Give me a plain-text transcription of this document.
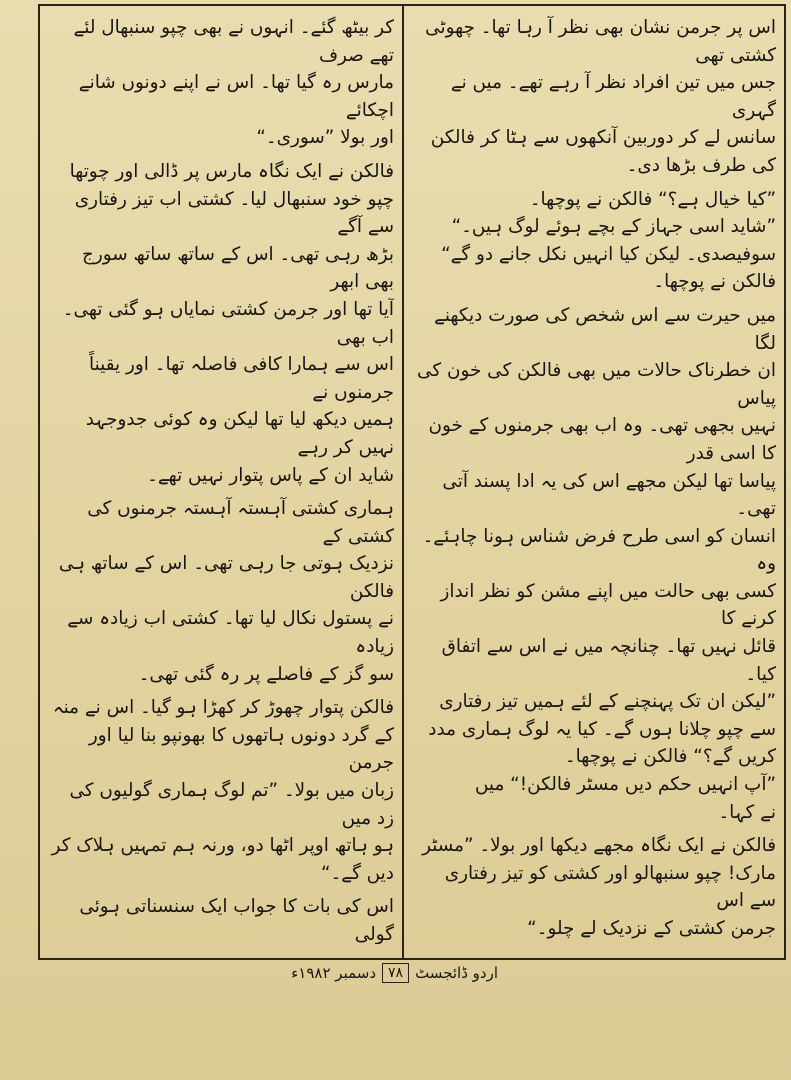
اس پر جرمن نشان بھی نظر آ رہا تھا۔ چھوٹی کشتی تھی
جس میں تین افراد نظر آ رہے تھے۔ میں نے گہری
سانس لے کر دوربین آنکھوں سے ہٹا کر فالکن
کی طرف بڑھا دی۔

”کیا خیال ہے؟“ فالکن نے پوچھا۔
”شاید اسی جہاز کے بچے ہوئے لوگ ہیں۔“
سوفیصدی۔ لیکن کیا انہیں نکل جانے دو گے“
فالکن نے پوچھا۔

میں حیرت سے اس شخص کی صورت دیکھنے لگا
ان خطرناک حالات میں بھی فالکن کی خون کی پیاس
نہیں بجھی تھی۔ وہ اب بھی جرمنوں کے خون کا اسی قدر
پیاسا تھا لیکن مجھے اس کی یہ ادا پسند آتی تھی۔
انسان کو اسی طرح فرض شناس ہونا چاہئے۔ وہ
کسی بھی حالت میں اپنے مشن کو نظر انداز کرنے کا
قائل نہیں تھا۔ چنانچہ میں نے اس سے اتفاق کیا۔
”لیکن ان تک پہنچنے کے لئے ہمیں تیز رفتاری
سے چپو چلانا ہوں گے۔ کیا یہ لوگ ہماری مدد
کریں گے؟“ فالکن نے پوچھا۔
”آپ انہیں حکم دیں مسٹر فالکن!“ میں
نے کہا۔

فالکن نے ایک نگاہ مجھے دیکھا اور بولا۔ ”مسٹر
مارک! چپو سنبھالو اور کشتی کو تیز رفتاری سے اس
جرمن کشتی کے نزدیک لے چلو۔“

کر بیٹھ گئے۔ انہوں نے بھی چپو سنبھال لئے تھے صرف
مارس رہ گیا تھا۔ اس نے اپنے دونوں شانے اچکائے
اور بولا ”سوری۔“

فالکن نے ایک نگاہ مارس پر ڈالی اور چوتھا
چپو خود سنبھال لیا۔ کشتی اب تیز رفتاری سے آگے
بڑھ رہی تھی۔ اس کے ساتھ ساتھ سورج بھی ابھر
آیا تھا اور جرمن کشتی نمایاں ہو گئی تھی۔ اب بھی
اس سے ہمارا کافی فاصلہ تھا۔ اور یقیناً جرمنوں نے
ہمیں دیکھ لیا تھا لیکن وہ کوئی جدوجہد نہیں کر رہے
شاید ان کے پاس پتوار نہیں تھے۔

ہماری کشتی آہستہ آہستہ جرمنوں کی کشتی کے
نزدیک ہوتی جا رہی تھی۔ اس کے ساتھ ہی فالکن
نے پستول نکال لیا تھا۔ کشتی اب زیادہ سے زیادہ
سو گز کے فاصلے پر رہ گئی تھی۔

فالکن پتوار چھوڑ کر کھڑا ہو گیا۔ اس نے منہ
کے گرد دونوں ہاتھوں کا بھونپو بنا لیا اور جرمن
زبان میں بولا۔ ”تم لوگ ہماری گولیوں کی زد میں
ہو ہاتھ اوپر اٹھا دو، ورنہ ہم تمہیں ہلاک کر
دیں گے۔“

اس کی بات کا جواب ایک سنسناتی ہوئی گولی

اردو ڈائجسٹ
۷۸
دسمبر ۱۹۸۲ء
